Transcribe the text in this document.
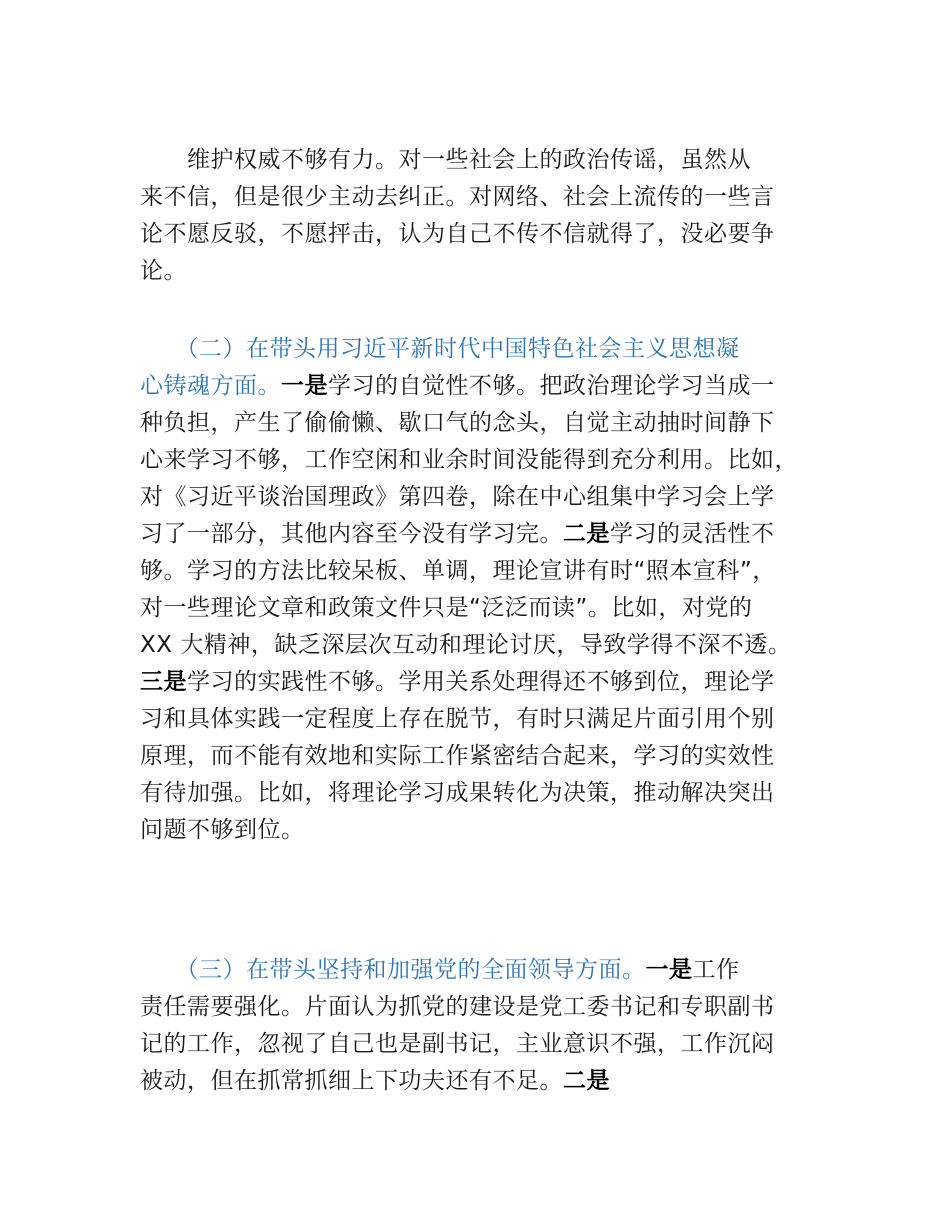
　　维护权威不够有力。对一些社会上的政治传谣，虽然从
来不信，但是很少主动去纠正。对网络、社会上流传的一些言
论不愿反驳，不愿抨击，认为自己不传不信就得了，没必要争
论。
　　（二）在带头用习近平新时代中国特色社会主义思想凝
心铸魂方面。一是学习的自觉性不够。把政治理论学习当成一
种负担，产生了偷偷懒、歇口气的念头，自觉主动抽时间静下
心来学习不够，工作空闲和业余时间没能得到充分利用。比如，
对《习近平谈治国理政》第四卷，除在中心组集中学习会上学
习了一部分，其他内容至今没有学习完。二是学习的灵活性不
够。学习的方法比较呆板、单调，理论宣讲有时“照本宣科”，
对一些理论文章和政策文件只是“泛泛而读”。比如，对党的
XX 大精神，缺乏深层次互动和理论讨厌，导致学得不深不透。
三是学习的实践性不够。学用关系处理得还不够到位，理论学
习和具体实践一定程度上存在脱节，有时只满足片面引用个别
原理，而不能有效地和实际工作紧密结合起来，学习的实效性
有待加强。比如，将理论学习成果转化为决策，推动解决突出
问题不够到位。
　　（三）在带头坚持和加强党的全面领导方面。一是工作
责任需要强化。片面认为抓党的建设是党工委书记和专职副书
记的工作，忽视了自己也是副书记，主业意识不强，工作沉闷
被动，但在抓常抓细上下功夫还有不足。二是
